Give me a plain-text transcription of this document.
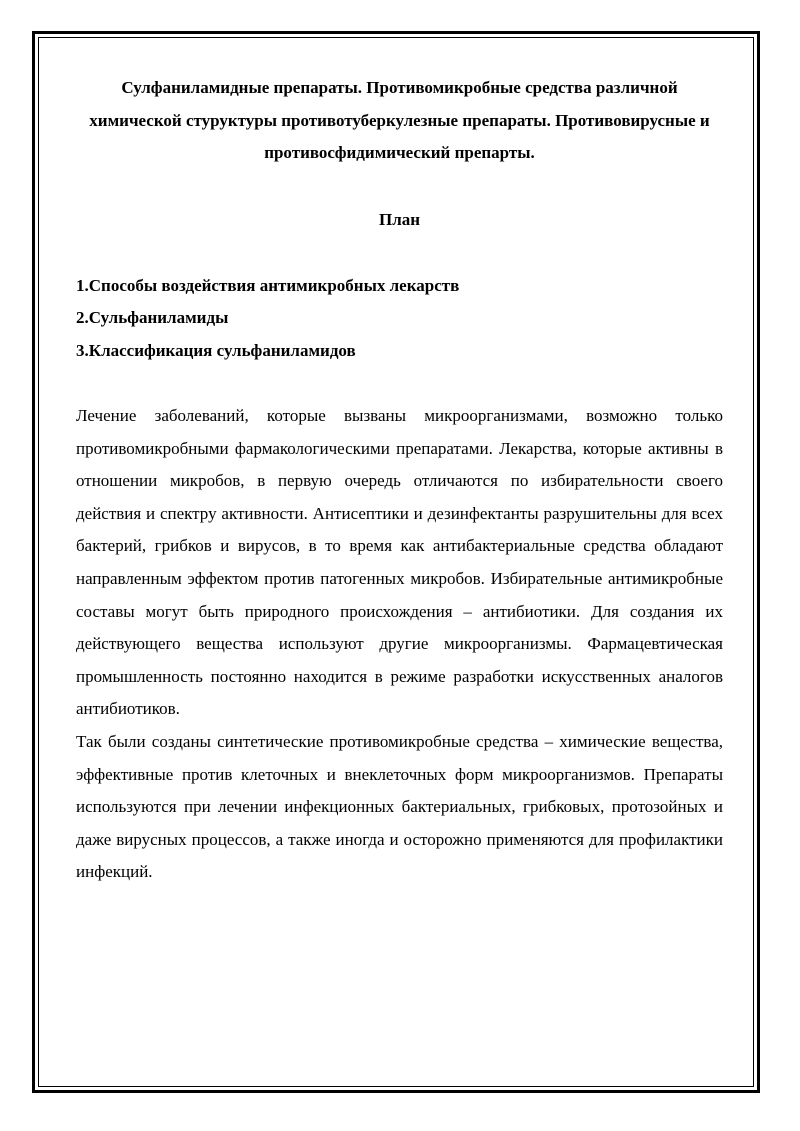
Сулфаниламидные препараты. Противомикробные средства различной химической стуруктуры противотуберкулезные препараты. Противовирусные и противосфидимический препарты.
План
1.Способы воздействия антимикробных лекарств
2.Сульфаниламиды
3.Классификация сульфаниламидов

Лечение заболеваний, которые вызваны микроорганизмами, возможно только противомикробными фармакологическими препаратами. Лекарства, которые активны в отношении микробов, в первую очередь отличаются по избирательности своего действия и спектру активности. Антисептики и дезинфектанты разрушительны для всех бактерий, грибков и вирусов, в то время как антибактериальные средства обладают направленным эффектом против патогенных микробов. Избирательные антимикробные составы могут быть природного происхождения – антибиотики. Для создания их действующего вещества используют другие микроорганизмы. Фармацевтическая промышленность постоянно находится в режиме разработки искусственных аналогов антибиотиков.

Так были созданы синтетические противомикробные средства – химические вещества, эффективные против клеточных и внеклеточных форм микроорганизмов. Препараты используются при лечении инфекционных бактериальных, грибковых, протозойных и даже вирусных процессов, а также иногда и осторожно применяются для профилактики инфекций.
